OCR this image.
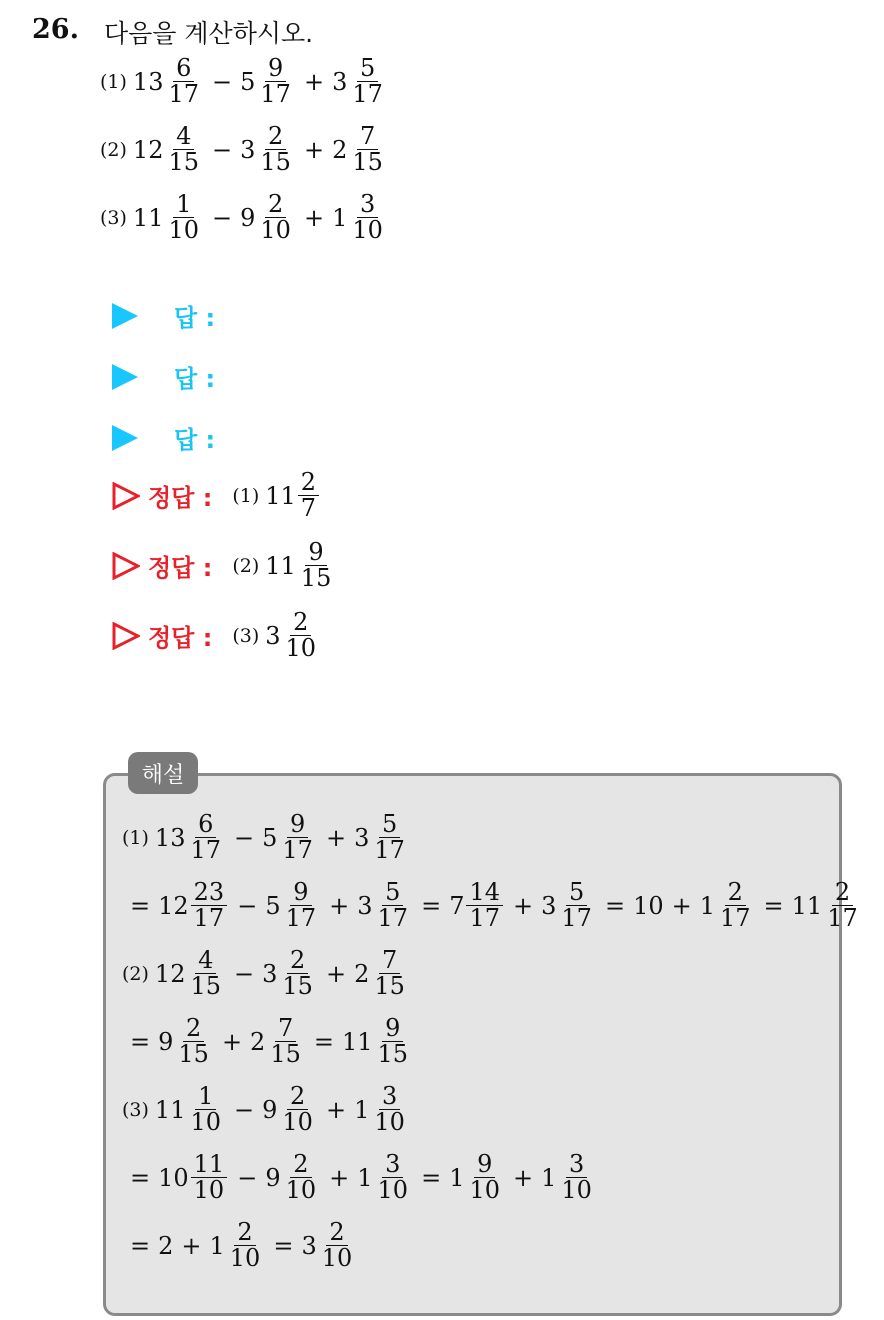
26. 다음을 계산하시오.
(1) $13 \frac{6}{17} - 5 \frac{9}{17} + 3 \frac{5}{17}$
(2) $12 \frac{4}{15} - 3 \frac{2}{15} + 2 \frac{7}{15}$
(3) $11 \frac{1}{10} - 9 \frac{2}{10} + 1 \frac{3}{10}$
답 :
답 :
답 :
정답 : (1) $11 \frac{2}{7}$
정답 : (2) $11 \frac{9}{15}$
정답 : (3) $3 \frac{2}{10}$
해설
(1) $13 \frac{6}{17} - 5 \frac{9}{17} + 3 \frac{5}{17}$
= $12 \frac{23}{17} - 5 \frac{9}{17} + 3 \frac{5}{17} = 7 \frac{14}{17} + 3 \frac{5}{17} = 10 + 1 \frac{2}{17} = 11 \frac{2}{17}$
(2) $12 \frac{4}{15} - 3 \frac{2}{15} + 2 \frac{7}{15}$
= $9 \frac{2}{15} + 2 \frac{7}{15} = 11 \frac{9}{15}$
(3) $11 \frac{1}{10} - 9 \frac{2}{10} + 1 \frac{3}{10}$
= $10 \frac{11}{10} - 9 \frac{2}{10} + 1 \frac{3}{10} = 1 \frac{9}{10} + 1 \frac{3}{10}$
= $2 + 1 \frac{2}{10} = 3 \frac{2}{10}$
